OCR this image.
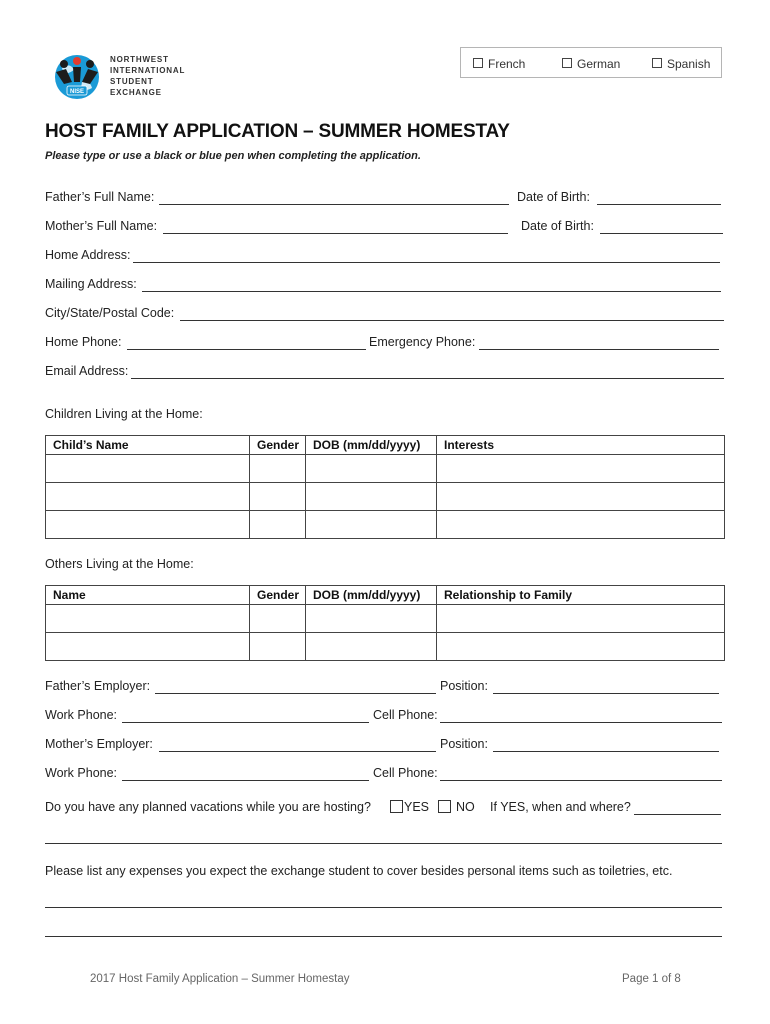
NISE
NORTHWEST
INTERNATIONAL
STUDENT
EXCHANGE
French	German	Spanish
HOST FAMILY APPLICATION – SUMMER HOMESTAY
Please type or use a black or blue pen when completing the application.
Father’s Full Name:	Date of Birth:
Mother’s Full Name:	Date of Birth:
Home Address:
Mailing Address:
City/State/Postal Code:
Home Phone:	Emergency Phone:
Email Address:
Children Living at the Home:
Child’s Name	Gender	DOB (mm/dd/yyyy)	Interests

Others Living at the Home:
Name	Gender	DOB (mm/dd/yyyy)	Relationship to Family

Father’s Employer:	Position:
Work Phone:	Cell Phone:
Mother’s Employer:	Position:
Work Phone:	Cell Phone:
Do you have any planned vacations while you are hosting?	YES NO If YES, when and where?
Please list any expenses you expect the exchange student to cover besides personal items such as toiletries, etc.
2017 Host Family Application – Summer Homestay	Page 1 of 8
